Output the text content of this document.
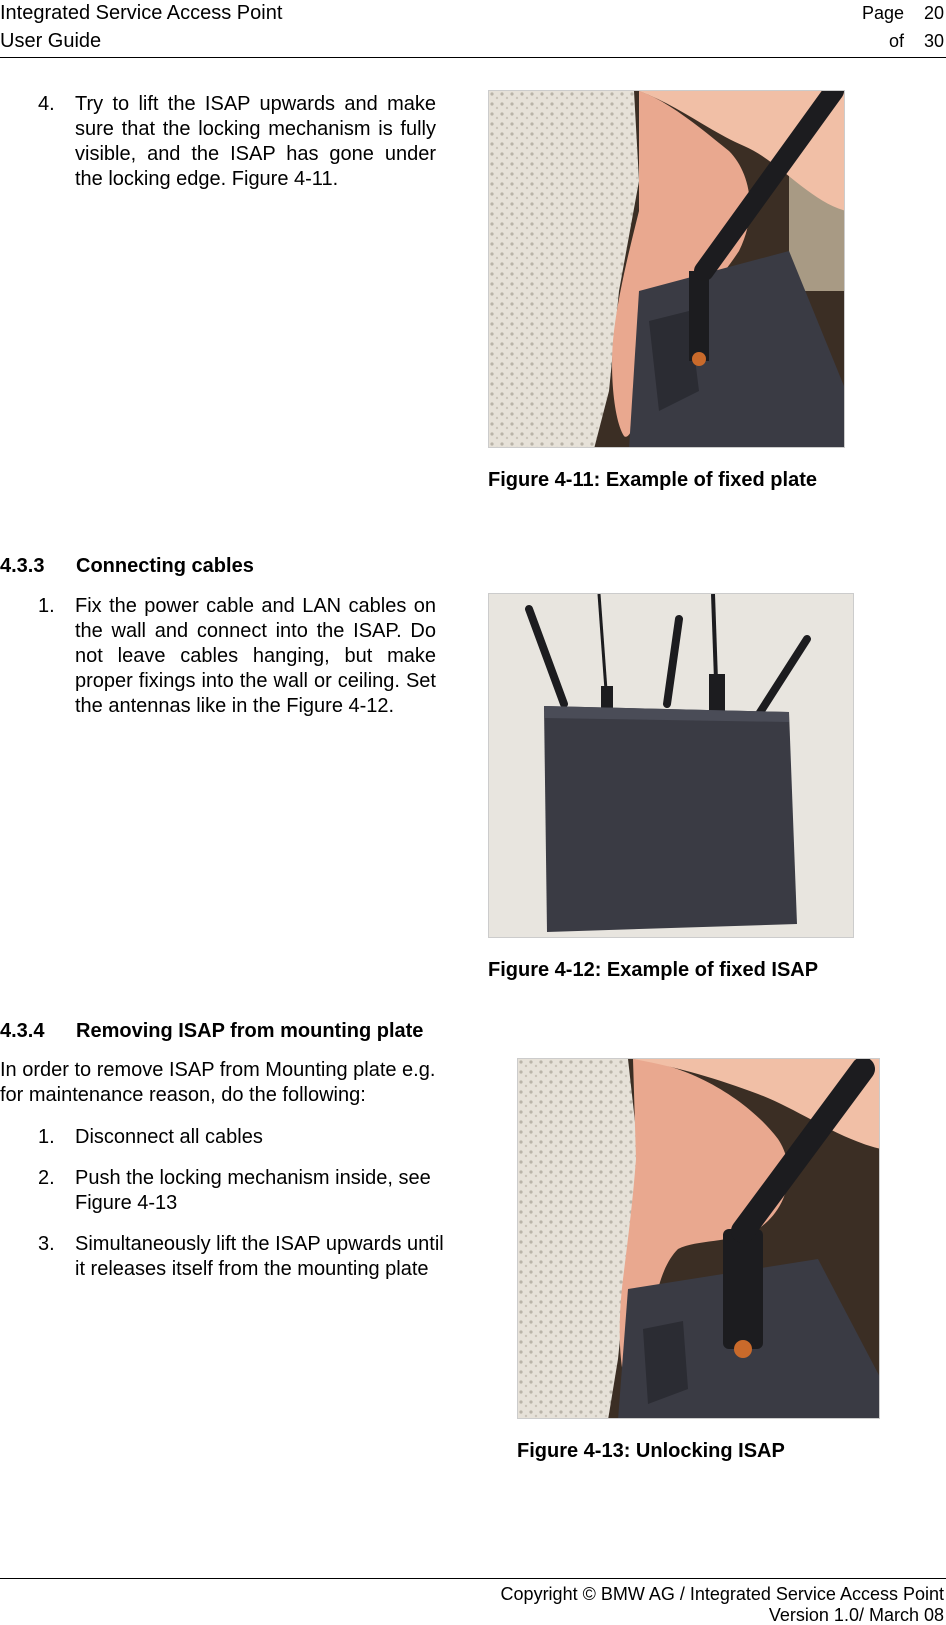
Integrated Service Access Point
User Guide
Page 20
of 30
4. Try to lift the ISAP upwards and make sure that the locking mechanism is fully visible, and the ISAP has gone under the locking edge. Figure 4-11.
Figure 4-11: Example of fixed plate
4.3.3 Connecting cables
1. Fix the power cable and LAN cables on the wall and connect into the ISAP. Do not leave cables hanging, but make proper fixings into the wall or ceiling. Set the antennas like in the Figure 4-12.
Figure 4-12: Example of fixed ISAP
4.3.4 Removing ISAP from mounting plate
In order to remove ISAP from Mounting plate e.g. for maintenance reason, do the following:
1. Disconnect all cables
2. Push the locking mechanism inside, see Figure 4-13
3. Simultaneously lift the ISAP upwards until it releases itself from the mounting plate
Figure 4-13: Unlocking ISAP
Copyright © BMW AG / Integrated Service Access Point
Version 1.0/ March 08
